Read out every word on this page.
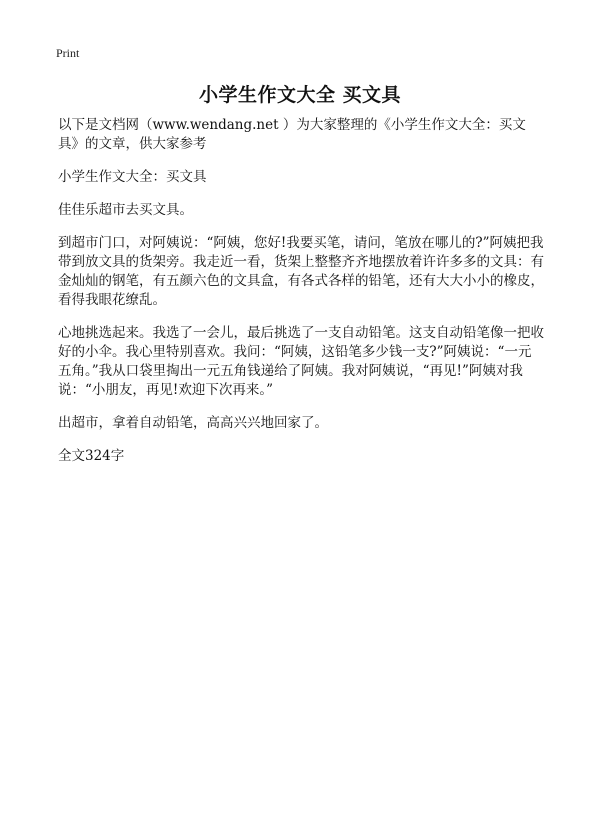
Print
小学生作文大全 买文具

以下是文档网（www.wendang.net ）为大家整理的《小学生作文大全：买文具》的文章，供大家参考

小学生作文大全：买文具

佳佳乐超市去买文具。

到超市门口，对阿姨说：“阿姨，您好!我要买笔，请问，笔放在哪儿的?”阿姨把我带到放文具的货架旁。我走近一看，货架上整整齐齐地摆放着许许多多的文具：有金灿灿的钢笔，有五颜六色的文具盒，有各式各样的铅笔，还有大大小小的橡皮，看得我眼花缭乱。

心地挑选起来。我选了一会儿，最后挑选了一支自动铅笔。这支自动铅笔像一把收好的小伞。我心里特别喜欢。我问：“阿姨，这铅笔多少钱一支?”阿姨说：“一元五角。”我从口袋里掏出一元五角钱递给了阿姨。我对阿姨说，“再见!”阿姨对我说：“小朋友，再见!欢迎下次再来。”

出超市，拿着自动铅笔，高高兴兴地回家了。

全文324字
